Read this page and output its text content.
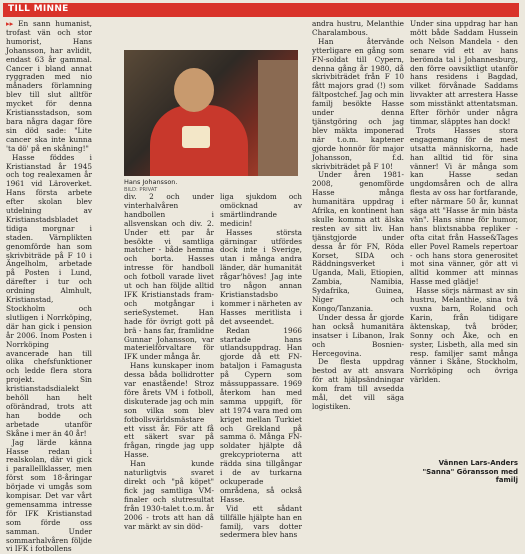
TILL MINNE

▸▸ En sann humanist, trofast vän och stor humorist, Hans Johansson, har avlidit, endast 63 år gammal. Cancer i bland annat ryggraden med nio månaders förlamning blev till slut alltför mycket för denna Kristiansstadson, som bara några dagar före sin död sade: "Lite cancer ska inte kunna 'ta dö' på en skåning!"

Hasse föddes i Kristianstad år 1945 och tog realexamen år 1961 vid Läroverket. Hans första arbete efter skolan blev utdelning av Kristianstadsbladet tidiga morgnar i staden. Värnplikten genomförde han som skrivbiträde på F 10 i Ängelholm, arbetade på Posten i Lund, därefter i tur och ordning Almhult, Kristianstad, Stockholm och slutligen i Norrköping, där han gick i pension år 2006. Inom Posten i Norrköping avancerade han till olika chefsfunktioner och ledde flera stora projekt. Sin kristianstadsdialekt behöll han helt oförändrad, trots att han bodde och arbetade utanför Skåne i mer än 40 år!

Jag lärde känna Hasse redan i realskolan, där vi gick i parallellklasser, men först som 18-åringar började vi umgås som kompisar. Det var vårt gemensamma intresse för IFK Kristianstad som förde oss samman. Under sommarhalvåren följde vi IFK i fotbollens

Hans Johansson.
BILD: PRIVAT

div. 2 och under vinterhalvåren handbollen i allsvenskan och div. 2. Under ett par år besökte vi samtliga matcher - både hemma och borta. Hasses intresse för handboll och fotboll varade livet ut och han följde alltid IFK Kristianstads fram- och motgångar i serieSystemet. Han hade för övrigt gott på brä - hans far, framlidne Gunnar Johansson, var materielförvaltare för IFK under många år.

Hans kunskaper inom dessa båda bollidrotter var enastående! Stroz före årets VM i fotboll, diskuterade jag och min son vilka som blev fotbollsvärldsmästare ett visst år. För att få ett säkert svar på frågan, ringde jag upp Hasse.

Han kunde naturligtvis svaret direkt och "på köpet" fick jag samtliga VM-finaler och slutresultat från 1930-talet t.o.m. år 2006 - trots att han då var märkt av sin död-

liga sjukdom och omöcknad av smärtlindrande medicin!

Hasses största gärningar utfördes dock inte i Sverige, utan i många andra länder, där humanität rågar'höves! Jag inte tro någon annan Kristianstadsbo kommer i närheten av Hasses meritlista i det avseendet.

Redan 1966 startade hans utlandsuppdrag. Han gjorde då ett FN-bataljon i Famagusta på Cypern som mässuppassare. 1969 återkom han med samma uppgift, för att 1974 vara med om kriget mellan Turkiet och Grekland på samma ö. Många FN-soldater hjälpte då grekcyprioterna att rädda sina tillgångar i de av turkarna ockuperade områdena, så också Hasse.

Vid ett sådant tillfälle hjälpte han en familj, vars dotter sedermera blev hans

andra hustru, Melanthie Charalambous.

Han återvände ytterligare en gång som FN-soldat till Cypern, denna gång år 1980, då skrivbiträdet från F 10 fått majors grad (!) som fältpostchef. Jag och min familj besökte Hasse under denna tjänstgöring och jag blev mäkta imponerad när t.o.m. kaptener gjorde honnör för major Johansson, f.d. skrivbiträdet på F 10!

Under åren 1981-2008, genomförde Hasse många humanitära uppdrag i Afrika, en kontinent han skulle komma att älska resten av sitt liv. Han tjänstgjorde under dessa år för FN, Röda Korset, SIDA och Räddningsverket i Uganda, Mali, Etiopien, Zambia, Namibia, Sydafrika, Guinea, Niger och Kongo/Tanzania.

Under dessa år gjorde han också humanitära insatser i Libanon, Irak och Bosnien-Hercegovina.

De flesta uppdrag bestod av att ansvara för att hjälpsändningar kom fram till avsedda mål, det vill säga logistiken.

Under sina uppdrag har han mött både Saddam Hussein och Nelson Mandela - den senare vid ett av hans berömda tal i Johannesburg, den förre oavsiktligt utanför hans residens i Bagdad, vilket förvånade Saddams livvakter att arrestera Hasse som misstänkt attentatsman. Efter förhör under några timmar, släpptes han dock!

Trots Hasses stora engagemang för de mest utsatta människorna, hade han alltid tid för sina vänner! Vi är många som kan Hasse sedan ungdomsåren och de allra flesta av oss har fortfarande, efter närmare 50 år, kunnat säga att "Hasse är min bästa vän". Hans sinne för humor, hans blixtsnabba repliker - ofta citat från Hasse&Tages eller Povel Ramels repertoar - och hans stora generositet mot sina vänner, gör att vi alltid kommer att minnas Hasse med glädje!

Hasse sörjs närmast av sin hustru, Melanthie, sina två vuxna barn, Roland och Karin, från tidigare äktenskap, två bröder, Sonny och Åke, och en syster, Lisbeth, alla med sin resp. familjer samt många vänner i Skåne, Stockholm, Norrköping och övriga världen.

Vännen Lars-Anders
"Sanna" Göransson med
familj
